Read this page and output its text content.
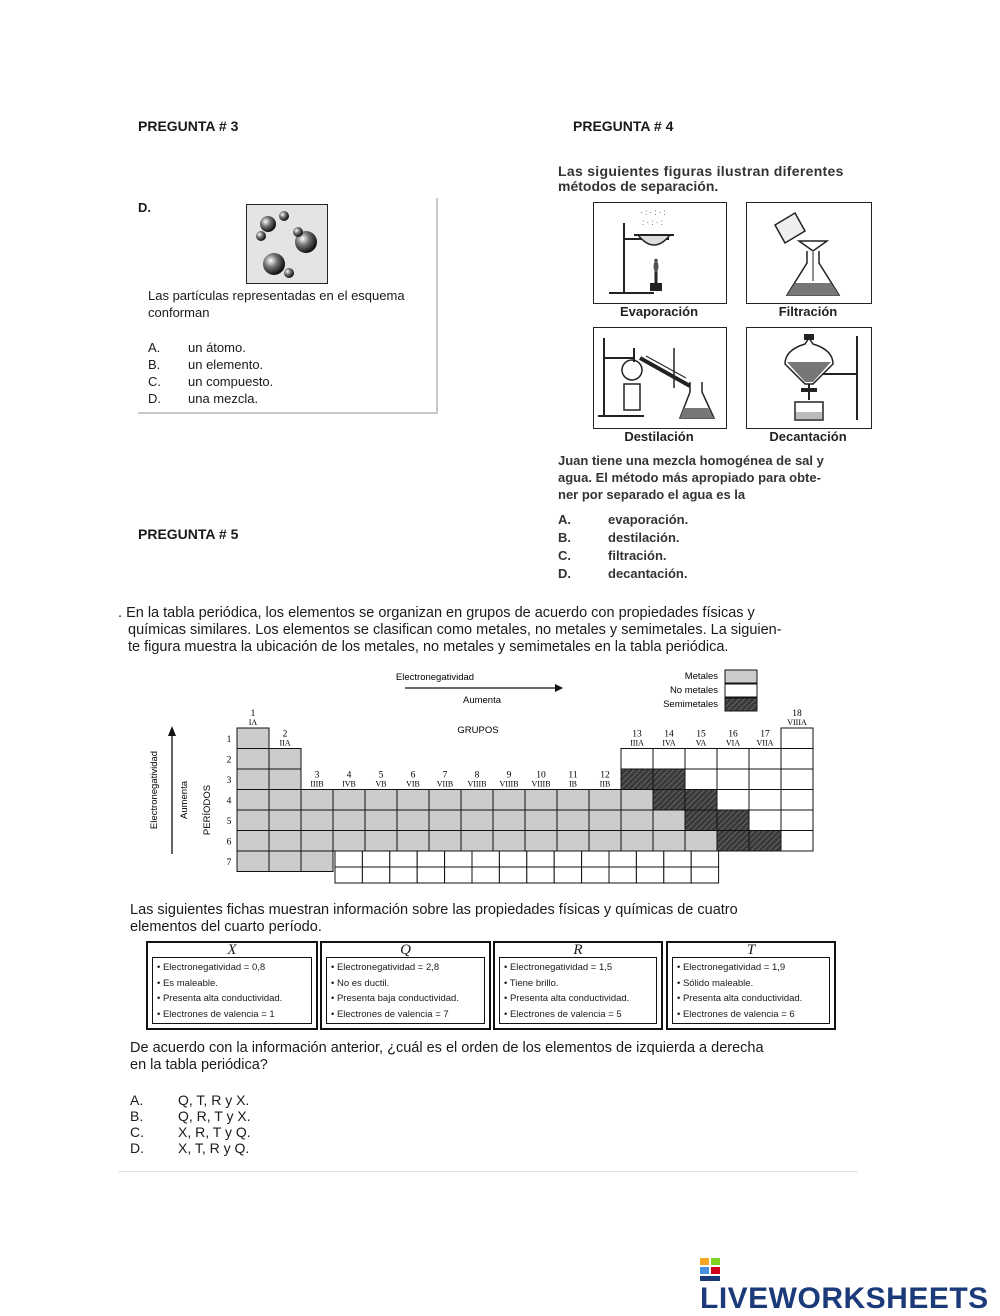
PREGUNTA # 3
D.
Las partículas representadas en el esquema
conforman
A. un átomo.
B. un elemento.
C. un compuesto.
D. una mezcla.
PREGUNTA # 4
Las siguientes figuras ilustran diferentes
métodos de separación.
· : · : · :
: · : · :
Evaporación	Filtración
Destilación	Decantación
Juan tiene una mezcla homogénea de sal y
agua. El método más apropiado para obte-
ner por separado el agua es la
A.	evaporación.
B.	destilación.
C.	filtración.
D.	decantación.
PREGUNTA # 5
. En la tabla periódica, los elementos se organizan en grupos de acuerdo con propiedades físicas y
químicas similares. Los elementos se clasifican como metales, no metales y semimetales. La siguien-
te figura muestra la ubicación de los metales, no metales y semimetales en la tabla periódica.
Electronegatividad
Aumenta
GRUPOS
Metales
No metales
Semimetales
Electronegatividad Aumenta PERÍODOS
1
IA
2
IIA
3
IIIB
4
IVB
5
VB
6
VIB
7
VIIB
8
VIIIB
9
VIIIB
10
VIIIB
11
IB
12
IIB
13
IIIA
14
IVA
15
VA
16
VIA
17
VIIA
18
VIIIA
1
2
3
4
5
6
7
Las siguientes fichas muestran información sobre las propiedades físicas y químicas de cuatro
elementos del cuarto período.
X
• Electronegatividad = 0,8
• Es maleable.
• Presenta alta conductividad.
• Electrones de valencia = 1
Q
• Electronegatividad = 2,8
• No es ductil.
• Presenta baja conductividad.
• Electrones de valencia = 7
R
• Electronegatividad = 1,5
• Tiene brillo.
• Presenta alta conductividad.
• Electrones de valencia = 5
T
• Electronegatividad = 1,9
• Sólido maleable.
• Presenta alta conductividad.
• Electrones de valencia = 6
De acuerdo con la información anterior, ¿cuál es el orden de los elementos de izquierda a derecha
en la tabla periódica?
A. Q, T, R y X.
B. Q, R, T y X.
C. X, R, T y Q.
D. X, T, R y Q.
LIVEWORKSHEETS
